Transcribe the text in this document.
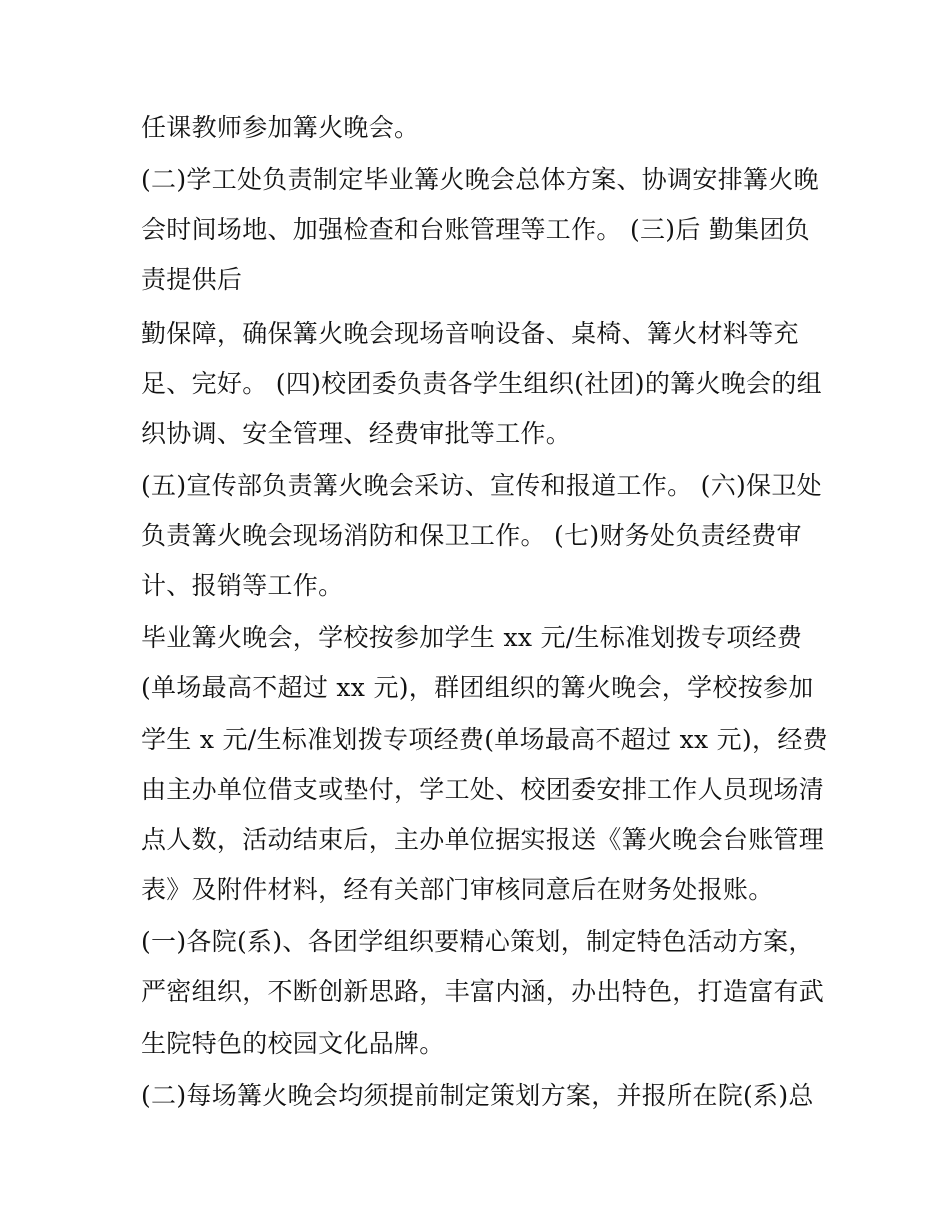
任课教师参加篝火晚会。
(二)学工处负责制定毕业篝火晚会总体方案、协调安排篝火晚
会时间场地、加强检查和台账管理等工作。 (三)后 勤集团负
责提供后
勤保障，确保篝火晚会现场音响设备、桌椅、篝火材料等充
足、完好。 (四)校团委负责各学生组织(社团)的篝火晚会的组
织协调、安全管理、经费审批等工作。
(五)宣传部负责篝火晚会采访、宣传和报道工作。 (六)保卫处
负责篝火晚会现场消防和保卫工作。 (七)财务处负责经费审
计、报销等工作。
毕业篝火晚会，学校按参加学生 xx 元/生标准划拨专项经费
(单场最高不超过 xx 元)，群团组织的篝火晚会，学校按参加
学生 x 元/生标准划拨专项经费(单场最高不超过 xx 元)，经费
由主办单位借支或垫付，学工处、校团委安排工作人员现场清
点人数，活动结束后，主办单位据实报送《篝火晚会台账管理
表》及附件材料，经有关部门审核同意后在财务处报账。
(一)各院(系)、各团学组织要精心策划，制定特色活动方案，
严密组织，不断创新思路，丰富内涵，办出特色，打造富有武
生院特色的校园文化品牌。
(二)每场篝火晚会均须提前制定策划方案，并报所在院(系)总
